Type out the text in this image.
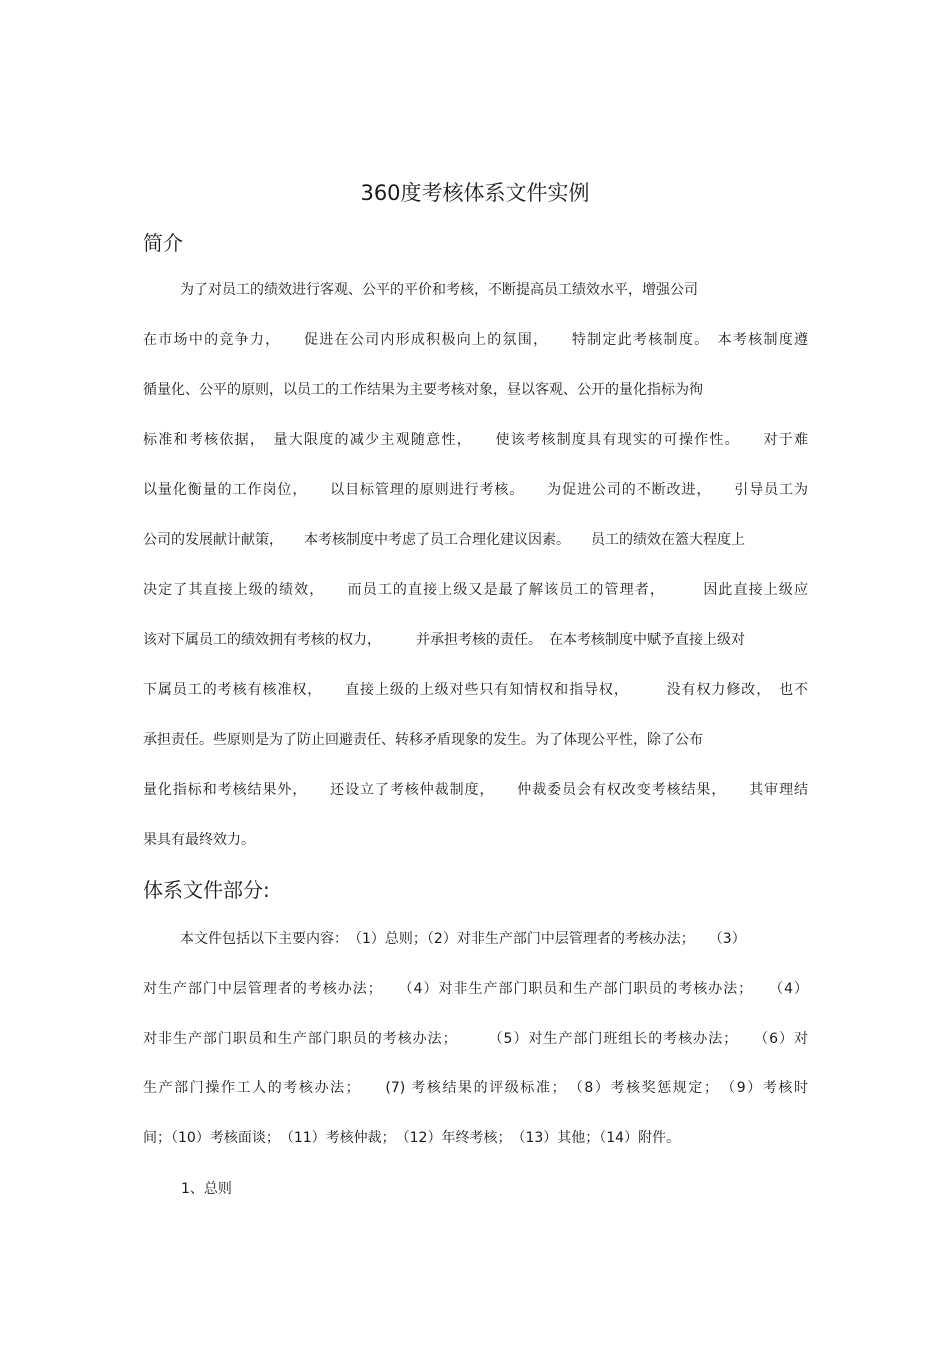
360度考核体系文件实例
简介
为了对员工的绩效进行客观、公平的平价和考核，不断提高员工绩效水平，增强公司
在市场中的竞争力，　　促进在公司内形成积极向上的氛围，　　特制定此考核制度。　本考核制度遵
循量化、公平的原则，以员工的工作结果为主要考核对象，昼以客观、公开的量化指标为徇
标准和考核依据，　量大限度的减少主观随意性，　　使该考核制度具有现实的可操作性。　　对于难
以量化衡量的工作岗位，　　以目标管理的原则进行考核。　　为促进公司的不断改进，　　引导员工为
公司的发展献计献策，　　本考核制度中考虑了员工合理化建议因素。　　员工的绩效在篕大程度上
决定了其直接上级的绩效，　　而员工的直接上级又是最了解该员工的管理者，　　　因此直接上级应
该对下属员工的绩效拥有考核的权力，　　　并承担考核的责任。　在本考核制度中赋予直接上级对
下属员工的考核有核准权，　　直接上级的上级对些只有知情权和指导权，　　　没有权力修改，　也不
承担责任。些原则是为了防止回避责任、转移矛盾现象的发生。为了体现公平性，除了公布
量化指标和考核结果外，　　还设立了考核仲裁制度，　　仲裁委员会有权改变考核结果，　　其审理结
果具有最终效力。
体系文件部分:
本文件包括以下主要内容：　（1）总则；（2）对非生产部门中层管理者的考核办法；　　（3）
对生产部门中层管理者的考核办法；　　（4）对非生产部门职员和生产部门职员的考核办法；　　（4）
对非生产部门职员和生产部门职员的考核办法；　　　（5）对生产部门班组长的考核办法；　　（6）对
生产部门操作工人的考核办法；　　(7) 考核结果的评级标准；　（8）考核奖惩规定；　（9）考核时
间；（10）考核面谈；　（11）考核仲裁；　（12）年终考核；　（13）其他；（14）附件。
1、总则
